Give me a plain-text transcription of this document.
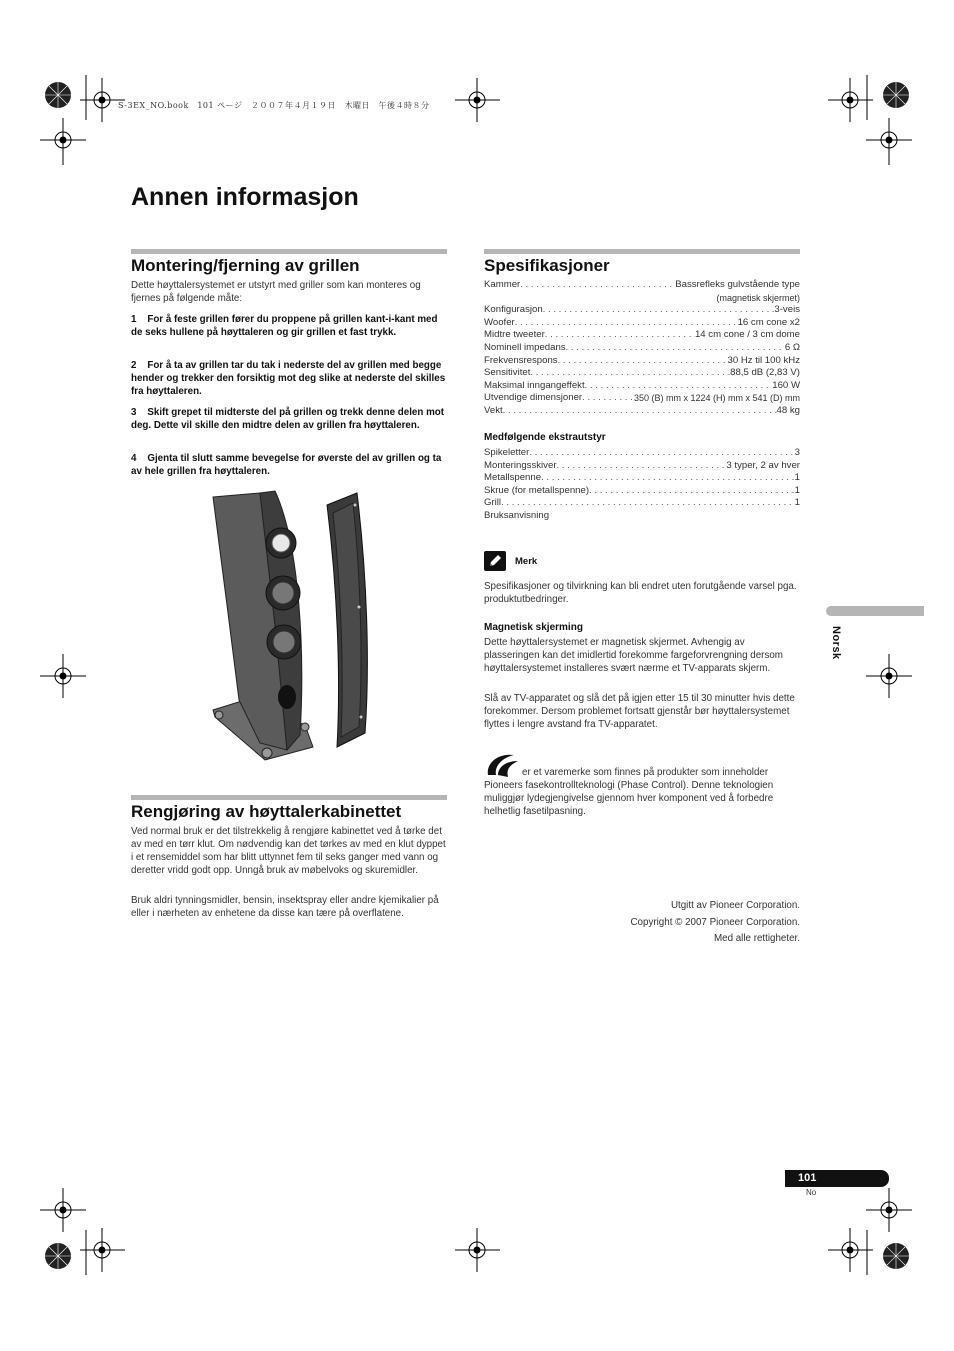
S-3EX_NO.book　101 ページ　２００７年４月１９日　木曜日　午後４時８分
Annen informasjon
Montering/fjerning av grillen
Dette høyttalersystemet er utstyrt med griller som kan monteres og fjernes på følgende måte:
1 For å feste grillen fører du proppene på grillen kant-i-kant med de seks hullene på høyttaleren og gir grillen et fast trykk.
2 For å ta av grillen tar du tak i nederste del av grillen med begge hender og trekker den forsiktig mot deg slike at nederste del skilles fra høyttaleren.
3 Skift grepet til midterste del på grillen og trekk denne delen mot deg. Dette vil skille den midtre delen av grillen fra høyttaleren.
4 Gjenta til slutt samme bevegelse for øverste del av grillen og ta av hele grillen fra høyttaleren.
Rengjøring av høyttalerkabinettet
Ved normal bruk er det tilstrekkelig å rengjøre kabinettet ved å tørke det av med en tørr klut. Om nødvendig kan det tørkes av med en klut dyppet i et rensemiddel som har blitt uttynnet fem til seks ganger med vann og deretter vridd godt opp. Unngå bruk av møbelvoks og skuremidler.
Bruk aldri tynningsmidler, bensin, insektspray eller andre kjemikalier på eller i nærheten av enhetene da disse kan tære på overflatene.
Spesifikasjoner
Kammer . . .	Bassrefleks gulvstående type
(magnetisk skjermet)
Konfigurasjon . . .	3-veis
Woofer . . .	16 cm cone x2
Midtre tweeter . . .	14 cm cone / 3 cm dome
Nominell impedans . . .	6 Ω
Frekvensrespons . . .	30 Hz til 100 kHz
Sensitivitet . . .	88,5 dB (2,83 V)
Maksimal inngangeffekt . . .	160 W
Utvendige dimensjoner . . .	350 (B) mm x 1224 (H) mm x 541 (D) mm
Vekt . . .	48 kg
Medfølgende ekstrautstyr
Spikeletter . . .	3
Monteringsskiver . . .	3 typer, 2 av hver
Metallspenne . . .	1
Skrue (for metallspenne) . . .	1
Grill . . .	1
Bruksanvisning
Merk
Spesifikasjoner og tilvirkning kan bli endret uten forutgående varsel pga. produktutbedringer.
Magnetisk skjerming
Dette høyttalersystemet er magnetisk skjermet. Avhengig av plasseringen kan det imidlertid forekomme fargeforvrengning dersom høyttalersystemet installeres svært nærme et TV-apparats skjerm.
Slå av TV-apparatet og slå det på igjen etter 15 til 30 minutter hvis dette forekommer. Dersom problemet fortsatt gjenstår bør høyttalersystemet flyttes i lengre avstand fra TV-apparatet.
er et varemerke som finnes på produkter som inneholder
Pioneers fasekontrollteknologi (Phase Control). Denne teknologien muliggjør lydegjengivelse gjennom hver komponent ved å forbedre helhetlig fasetilpasning.
Utgitt av Pioneer Corporation.
Copyright © 2007 Pioneer Corporation.
Med alle rettigheter.
Norsk
101
No
